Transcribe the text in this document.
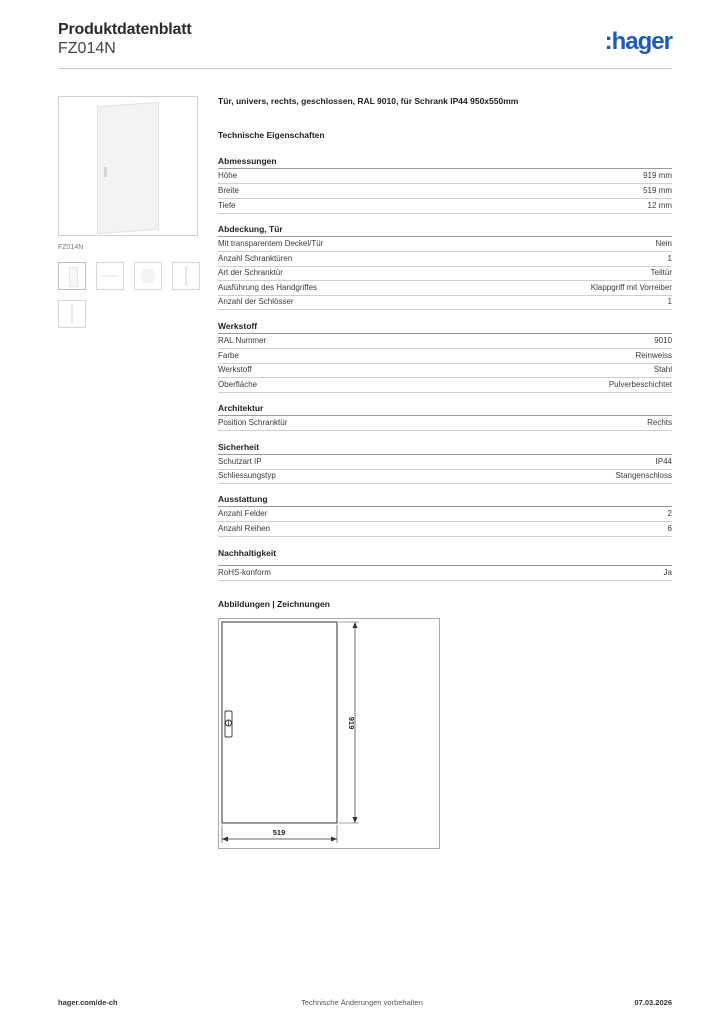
Produktdatenblatt
FZ014N	:hager
FZ014N
Tür, univers, rechts, geschlossen, RAL 9010, für Schrank IP44 950x550mm
Technische Eigenschaften
Abmessungen
Höhe	919 mm
Breite	519 mm
Tiefe	12 mm
Abdeckung, Tür
Mit transparentem Deckel/Tür	Nein
Anzahl Schranktüren	1
Art der Schranktür	Teiltür
Ausführung des Handgriffes	Klappgriff mit Vorreiber
Anzahl der Schlösser	1
Werkstoff
RAL Nummer	9010
Farbe	Reinweiss
Werkstoff	Stahl
Oberfläche	Pulverbeschichtet
Architektur
Position Schranktür	Rechts
Sicherheit
Schutzart IP	IP44
Schliessungstyp	Stangenschloss
Ausstattung
Anzahl Felder	2
Anzahl Reihen	6
Nachhaltigkeit
RoHS-konform	Ja
Abbildungen | Zeichnungen
919
519
hager.com/de-ch	Technische Änderungen vorbehalten	07.03.2026
